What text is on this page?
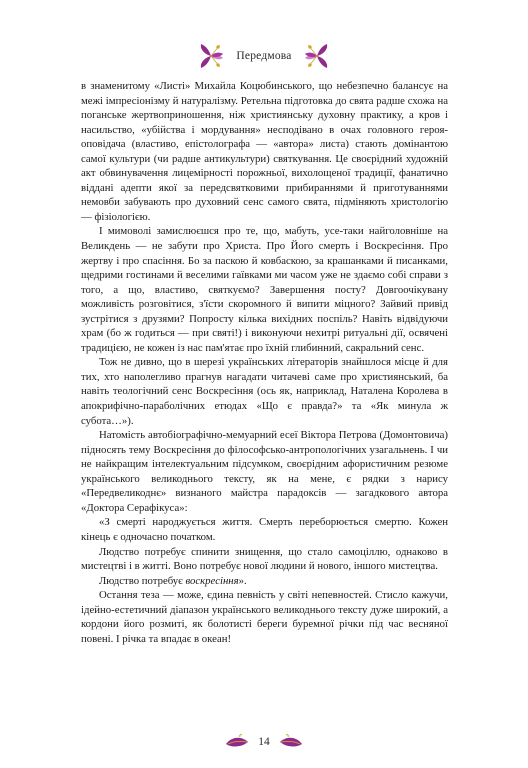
Передмова

в знаменитому «Листі» Михайла Коцюбинського, що небезпечно балансує на межі імпресіонізму й натуралізму. Ретельна підготовка до свята радше схожа на поганське жертвоприношення, ніж християнську духовну практику, а кров і насильство, «убійства і мордування» несподівано в очах головного героя-оповідача (властиво, епістолографа — «автора» листа) стають домінантою самої культури (чи радше антикультури) святкування. Це своєрідний художній акт обвинувачення лицемірності порожньої, вихолощеної традиції, фанатично відданi адепти якої за передсвятковими прибираннями й приготуваннями немовби забувають про духовний сенс самого свята, підміняють христологію — фізіологією.

І мимоволі замислюєшся про те, що, мабуть, усе-таки найголовніше на Великдень — не забути про Христа. Про Його смерть і Воскресіння. Про жертву і про спасіння. Бо за паскою й ковбаскою, за крашанками й писанками, щедрими гостинами й веселими гаївками ми часом уже не здаємо собі справи з того, а що, властиво, святкуємо? Завершення посту? Довгоочікувану можливість розговітися, з'їсти скоромного й випити міцного? Зайвий привід зустрітися з друзями? Попросту кілька вихідних поспіль? Навіть відвідуючи храм (бо ж годиться — при святі!) і виконуючи нехитрі ритуальні дії, освячені традицією, не кожен із нас пам'ятає про їхній глибинний, сакральний сенс.

Тож не дивно, що в шерезі українських літераторів знайшлося місце й для тих, хто наполегливо прагнув нагадати читачеві саме про християнський, ба навіть теологічний сенс Воскресіння (ось як, наприклад, Наталена Королева в апокрифічно-параболічних етюдах «Що є правда?» та «Як минула ж субота…»).

Натомість автобіографічно-мемуарний есеї Віктора Петрова (Домонтовича) підносять тему Воскресіння до філософсько-антропологічних узагальнень. І чи не найкращим інтелектуальним підсумком, своєрідним афористичним резюме українського великоднього тексту, як на мене, є рядки з нарису «Передвеликоднє» визнаного майстра парадоксів — загадкового автора «Доктора Серафікуса»:

«З смерті народжується життя. Смерть переборюється смертю. Кожен кінець є одночасно початком.

Людство потребує спинити знищення, що стало самоціллю, однаково в мистецтві і в житті. Воно потребує нової людини й нового, іншого мистецтва.

Людство потребує воскресіння».

Остання теза — може, єдина певність у світі непевностей. Стисло кажучи, ідейно-естетичний діапазон українського великоднього тексту дуже широкий, а кордони його розмиті, як болотисті береги буремної річки під час весняної повені. І річка та впадає в океан!

14
